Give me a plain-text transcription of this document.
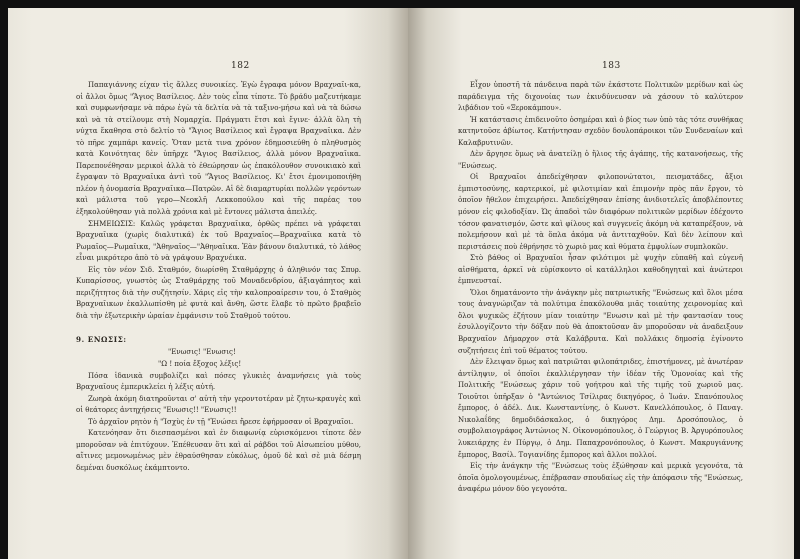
182

Παπαγιάννης είχαν τὶς ἄλλες συνοικίες. Ἐγὼ ἔγραφα μόνον Βραχναῖι-κα, οἱ ἄλλοι ὅμως "Ἅγιος Βασίλειος. Δὲν τοὺς εἶπα τίποτε. Τὸ βράδυ μαζευτήκαμε καὶ συμφωνήσαμε νὰ πάρω ἐγὼ τὰ δελτία νὰ τὰ ταξινο-μήσω καὶ νὰ τὰ δώσω καὶ νὰ τὰ στείλουμε στὴ Νομαρχία. Πράγματι ἔτσι καὶ ἔγινε· ἀλλὰ ὅλη τὴ νύχτα ἔκαθησα στὸ δελτίο τὸ "Ἅγιος Βασίλειος καὶ ἔγραψα Βραχναῖικα. Δὲν τὸ πῆρε χαμπάρι κανείς. Ὅταν μετὰ τινα χρόνον ἐδημοσιεύθη ὁ πληθυσμὸς κατὰ Κοινότητας δὲν ὑπῆρχε "Ἅγιος Βασίλειος, ἀλλὰ μόνον Βραχναῖικα. Παρεπονέθησαν μερικοὶ ἀλλὰ τὸ ἐθεώρησαν ὡς ἐπακόλουθον συνοικιακὸ καὶ ἔγραψαν τὸ Βραχναῖικα ἀντὶ τοῦ "Ἅγιος Βασίλειος. Κι' ἔτσι ἐμονιμοποιήθη πλέον ἡ ὀνομασία Βραχναῖικα—Πατρῶν. Αἱ δὲ διαμαρτυρίαι πολλῶν γερόντων καὶ μάλιστα τοῦ γερο—Νεοκλῆ Λεκκοπούλου καὶ τῆς παρέας του ἐξηκολούθησαν γιὰ πολλὰ χρόνια καὶ μὲ ἔντονες μάλιστα ἀπειλές.

ΣΗΜΕΙΩΣΙΣ: Καλῶς γράφεται Βραχναῖικα, ὀρθῶς πρέπει νὰ γράφεται Βραχναῖικα (χωρὶς διαλυτικά) ἐκ τοῦ Βραχναῖος—Βραχναῖικα κατὰ τὸ Ρωμαῖος—Ρωμαῖικα, "Ἀθηναῖος—"Ἀθηναῖικα. Ἐὰν βάνουν διαλυτικά, τὸ λάθος εἶναι μικρότερο ἀπὸ τὸ νὰ γράψουν Βραχνέικα.

Εἰς τὸν νέον Σιδ. Σταθμόν, διωρίσθη Σταθμάρχης ὁ ἀληθινόν τας Σπυρ. Κυπαρίσσος, γνωστὸς ὡς Σταθμάρχης τοῦ Μοναδενδρίου, ἀξιαγάπητος καὶ περιζήτητος διὰ τὴν συζήτησίν. Χάρις εἰς τὴν καλοπροαίρεσιν του, ὁ Σταθμὸς Βραχναῖικων ἐκαλλωπίσθη μὲ φυτὰ καὶ ἄνθη, ὥστε ἔλαβε τὸ πρῶτο βραβεῖο διὰ τὴν ἐξωτερικὴν ὡραίαν ἐμφάνισιν τοῦ Σταθμοῦ τούτου.

9. ΕΝΩΣΙΣ:
"Ενωσις! "Ενωσις!
"Ω ! ποία ἔξοχος λέξις!

Πόσα ἱδανικὰ συμβολίζει καὶ πόσες γλυκιὲς ἀναμνήσεις γιὰ τοὺς Βραχναῖους ἐμπερικλείει ἡ λέξις αὐτή.

Ζωηρὰ ἀκόμη διατηροῦνται σ' αὐτὴ τὴν γεροντοτέραν μὲ ζητω-κραυγὲς καὶ οἱ θεάτορες ἀντηχήσεις "Ενωσις!! "Ενωσις!!

Τὸ ἀρχαῖον ρητὸν ἡ "Ἰσχὺς ἐν τῇ "Ἑνώσει ἤρεσε ἐφήρμοσαν οἱ Βραχναῖοι.

Κατενόησαν ὅτι διεσπασμένοι καὶ ἐν διαφωνίᾳ εὑρισκόμενοι τίποτε δὲν μποροῦσαν νὰ ἐπιτύχουν. Ἐπέθευσαν ὅτι καὶ αἱ ράβδοι τοῦ Αἰσωπείου μύθου, αἵτινες μεμονωμένως μὲν ἐθραύσθησαν εὐκόλως, ὁμοῦ δὲ καὶ σὲ μιὰ δέσμη δεμέναι δυσκόλως ἐκάμπτοντο.

183

Εἶχον ὑποστῆ τὰ πάνδεινα παρὰ τῶν ἑκάστοτε Πολιτικῶν μερίδων καὶ ὡς παράδειγμα τῆς διχονοίας των ἐκινδύνευσαν νὰ χάσουν τὸ καλύτερον λιβάδιον τοῦ «Ξεροκάμπου».

Ἡ κατάστασις ἐπιδεινοῦτο ὁσημέραι καὶ ὁ βίος των ὑπὸ τὰς τότε συνθήκας κατηντοῦσε ἀβίωτος. Κατήντησαν σχεδὸν δουλοπάροικοι τῶν Συνδεναίων καὶ Καλαβρυτινῶν.

Δὲν ἄργησε ὅμως νὰ ἀνατείλῃ ὁ ἥλιος τῆς ἀγάπης, τῆς κατανοήσεως, τῆς "Ενώσεως.

Οἱ Βραχναῖοι ἀπεδείχθησαν φιλοπονώτατοι, πεισματάδες, ἄξιοι ἐμπιστοσύνης, καρτερικοί, μὲ φιλοτιμίαν καὶ ἐπιμονὴν πρὸς πᾶν ἔργον, τὸ ὁποῖον ἤθελον ἐπιχειρήσει. Ἀπεδείχθησαν ἐπίσης ἀνιδιοτελεῖς ἀποβλέποντες μόνον εἰς φιλοδοξίαν. Ὡς ἀπαδοὶ τῶν διαφόρων πολιτικῶν μερίδων ἐδέχοντο τόσον φανατισμόν, ὥστε καὶ φίλους καὶ συγγενεῖς ἀκόμη νὰ καταπρέξουν, νὰ πολεμήσουν καὶ μὲ τὰ ὅπλα ἀκόμα νὰ ἀντιταχθοῦν. Καὶ δὲν λείπουν καὶ περιστάσεις ποὺ ἐθρήνησε τὸ χωριὸ μας καὶ θύματα ἐμφυλίων συμπλοκῶν.

Στὸ βάθος οἱ Βραχναῖοι ἦσαν φιλότιμοι μὲ ψυχὴν εὐπαθῆ καὶ εὐγενῆ αἰσθήματα, ἀρκεῖ νὰ εὑρίσκοντο οἱ κατάλληλοι καθοδηγηταὶ καὶ ἀνώτεροι ἐμπνευσταί.

Ὅλοι δηματάνοντο τὴν ἀνάγκην μὲς πατριωτικῆς "Ενώσεως καὶ ὅλοι μέσα τους ἀναγνώριζαν τὰ πολύτιμα ἐπακόλουθα μιᾶς τοιαύτης χειρονομίας καὶ ὅλοι ψυχικῶς ἐζήτουν μίαν τοιαύτην "Ενωσιν καὶ μὲ τὴν φαντασίαν τους ἐσυλλογίζοντο τὴν δόξαν ποὺ θὰ ἀποκτοῦσαν ἂν μποροῦσαν νὰ ἀναδειξουν Βραχναῖον Δήμαρχον στὰ Καλάβρυτα. Καὶ πολλάκις δημοσίᾳ ἐγίνοντο συζητήσεις ἐπὶ τοῦ θέματος τούτου.

Δὲν ἔλειψαν ὅμως καὶ πατριῶται φιλοπάτριδες, ἐπιστήμονες, μὲ ἀνωτέραν ἀντίληψιν, οἱ ὁποῖοι ἐκαλλιέργησαν τὴν ἰδέαν τῆς Ὁμονοίας καὶ τῆς Πολιτικῆς "Ενώσεως χάριν τοῦ γοήτρου καὶ τῆς τιμῆς τοῦ χωριοῦ μας. Τοιοῦτοι ὑπῆρξαν ὁ "Ἀντώνιος Τσίλιρας δικηγόρος, ὁ Ἰωάν. Σπανόπουλος ἔμπορος, ὁ ἀδέλ. Δικ. Κωνσταντίνης, ὁ Κωνστ. Κανελλόπουλος, ὁ Παναγ. Νικολαΐδης δημοδιδάσκαλος, ὁ δικηγόρος Δημ. Δροσόπουλος, ὁ συμβολαιογράφος Ἀντώνιος Ν. Οἰκονομόπουλος, ὁ Γεώργιος Β. Ἀργυρόπουλος λυκειάρχης ἐν Πύργῳ, ὁ Δημ. Παπαχρονόπουλος, ὁ Κωνστ. Μακρυγιάννης ἔμπορος, Βασίλ. Τογιανίδης ἔμπορος καὶ ἄλλοι πολλοί.

Εἰς τὴν ἀνάγκην τῆς "Ενώσεως τοὺς ἐξώθησαν καὶ μερικὰ γεγονότα, τὰ ὁποῖα ὁμολογουμένως, ἐπέβρασαν σπουδαίως εἰς τὴν ἀπόφασιν τῆς "Ενώσεως, ἀναφέρω μόνον δύο γεγονότα.
